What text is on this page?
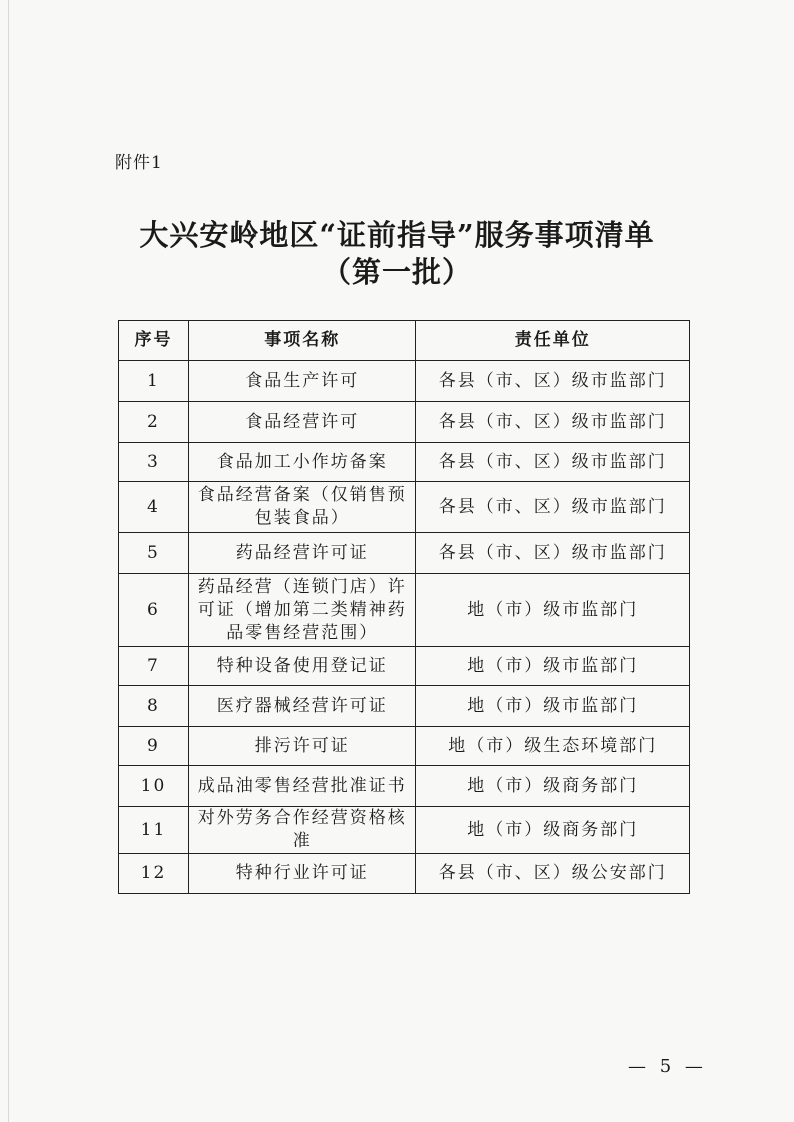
附件1
大兴安岭地区“证前指导”服务事项清单
（第一批）
序号	事项名称	责任单位
1	食品生产许可	各县（市、区）级市监部门
2	食品经营许可	各县（市、区）级市监部门
3	食品加工小作坊备案	各县（市、区）级市监部门
4	食品经营备案（仅销售预包装食品）	各县（市、区）级市监部门
5	药品经营许可证	各县（市、区）级市监部门
6	药品经营（连锁门店）许可证（增加第二类精神药品零售经营范围）	地（市）级市监部门
7	特种设备使用登记证	地（市）级市监部门
8	医疗器械经营许可证	地（市）级市监部门
9	排污许可证	地（市）级生态环境部门
10	成品油零售经营批准证书	地（市）级商务部门
11	对外劳务合作经营资格核准	地（市）级商务部门
12	特种行业许可证	各县（市、区）级公安部门
— 5 —
